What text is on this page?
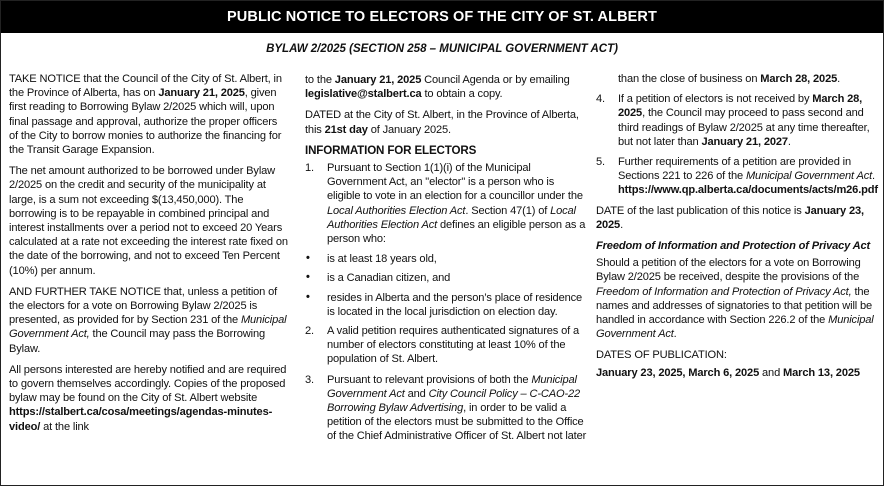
PUBLIC NOTICE TO ELECTORS OF THE CITY OF ST. ALBERT
BYLAW 2/2025 (SECTION 258 – MUNICIPAL GOVERNMENT ACT)

TAKE NOTICE that the Council of the City of St. Albert, in the Province of Alberta, has on January 21, 2025, given first reading to Borrowing Bylaw 2/2025 which will, upon final passage and approval, authorize the proper officers of the City to borrow monies to authorize the financing for the Transit Garage Expansion.

The net amount authorized to be borrowed under Bylaw 2/2025 on the credit and security of the municipality at large, is a sum not exceeding $(13,450,000). The borrowing is to be repayable in combined principal and interest installments over a period not to exceed 20 Years calculated at a rate not exceeding the interest rate fixed on the date of the borrowing, and not to exceed Ten Percent (10%) per annum.

AND FURTHER TAKE NOTICE that, unless a petition of the electors for a vote on Borrowing Bylaw 2/2025 is presented, as provided for by Section 231 of the Municipal Government Act, the Council may pass the Borrowing Bylaw.

All persons interested are hereby notified and are required to govern themselves accordingly. Copies of the proposed bylaw may be found on the City of St. Albert website https://stalbert.ca/cosa/meetings/agendas-minutes-video/ at the link

to the January 21, 2025 Council Agenda or by emailing legislative@stalbert.ca to obtain a copy.

DATED at the City of St. Albert, in the Province of Alberta, this 21st day of January 2025.

INFORMATION FOR ELECTORS
1.	Pursuant to Section 1(1)(i) of the Municipal Government Act, an "elector" is a person who is eligible to vote in an election for a councillor under the Local Authorities Election Act. Section 47(1) of Local Authorities Election Act defines an eligible person as a person who:
• is at least 18 years old,
• is a Canadian citizen, and
• resides in Alberta and the person’s place of residence is located in the local jurisdiction on election day.
2.	A valid petition requires authenticated signatures of a number of electors constituting at least 10% of the population of St. Albert.
3.	Pursuant to relevant provisions of both the Municipal Government Act and City Council Policy – C-CAO-22 Borrowing Bylaw Advertising, in order to be valid a petition of the electors must be submitted to the Office of the Chief Administrative Officer of St. Albert not later
than the close of business on March 28, 2025.
4.	If a petition of electors is not received by March 28, 2025, the Council may proceed to pass second and third readings of Bylaw 2/2025 at any time thereafter, but not later than January 21, 2027.
5.	Further requirements of a petition are provided in Sections 221 to 226 of the Municipal Government Act. https://www.qp.alberta.ca/documents/acts/m26.pdf

DATE of the last publication of this notice is January 23, 2025.

Freedom of Information and Protection of Privacy Act

Should a petition of the electors for a vote on Borrowing Bylaw 2/2025 be received, despite the provisions of the Freedom of Information and Protection of Privacy Act, the names and addresses of signatories to that petition will be handled in accordance with Section 226.2 of the Municipal Government Act.

DATES OF PUBLICATION:

January 23, 2025, March 6, 2025 and March 13, 2025
